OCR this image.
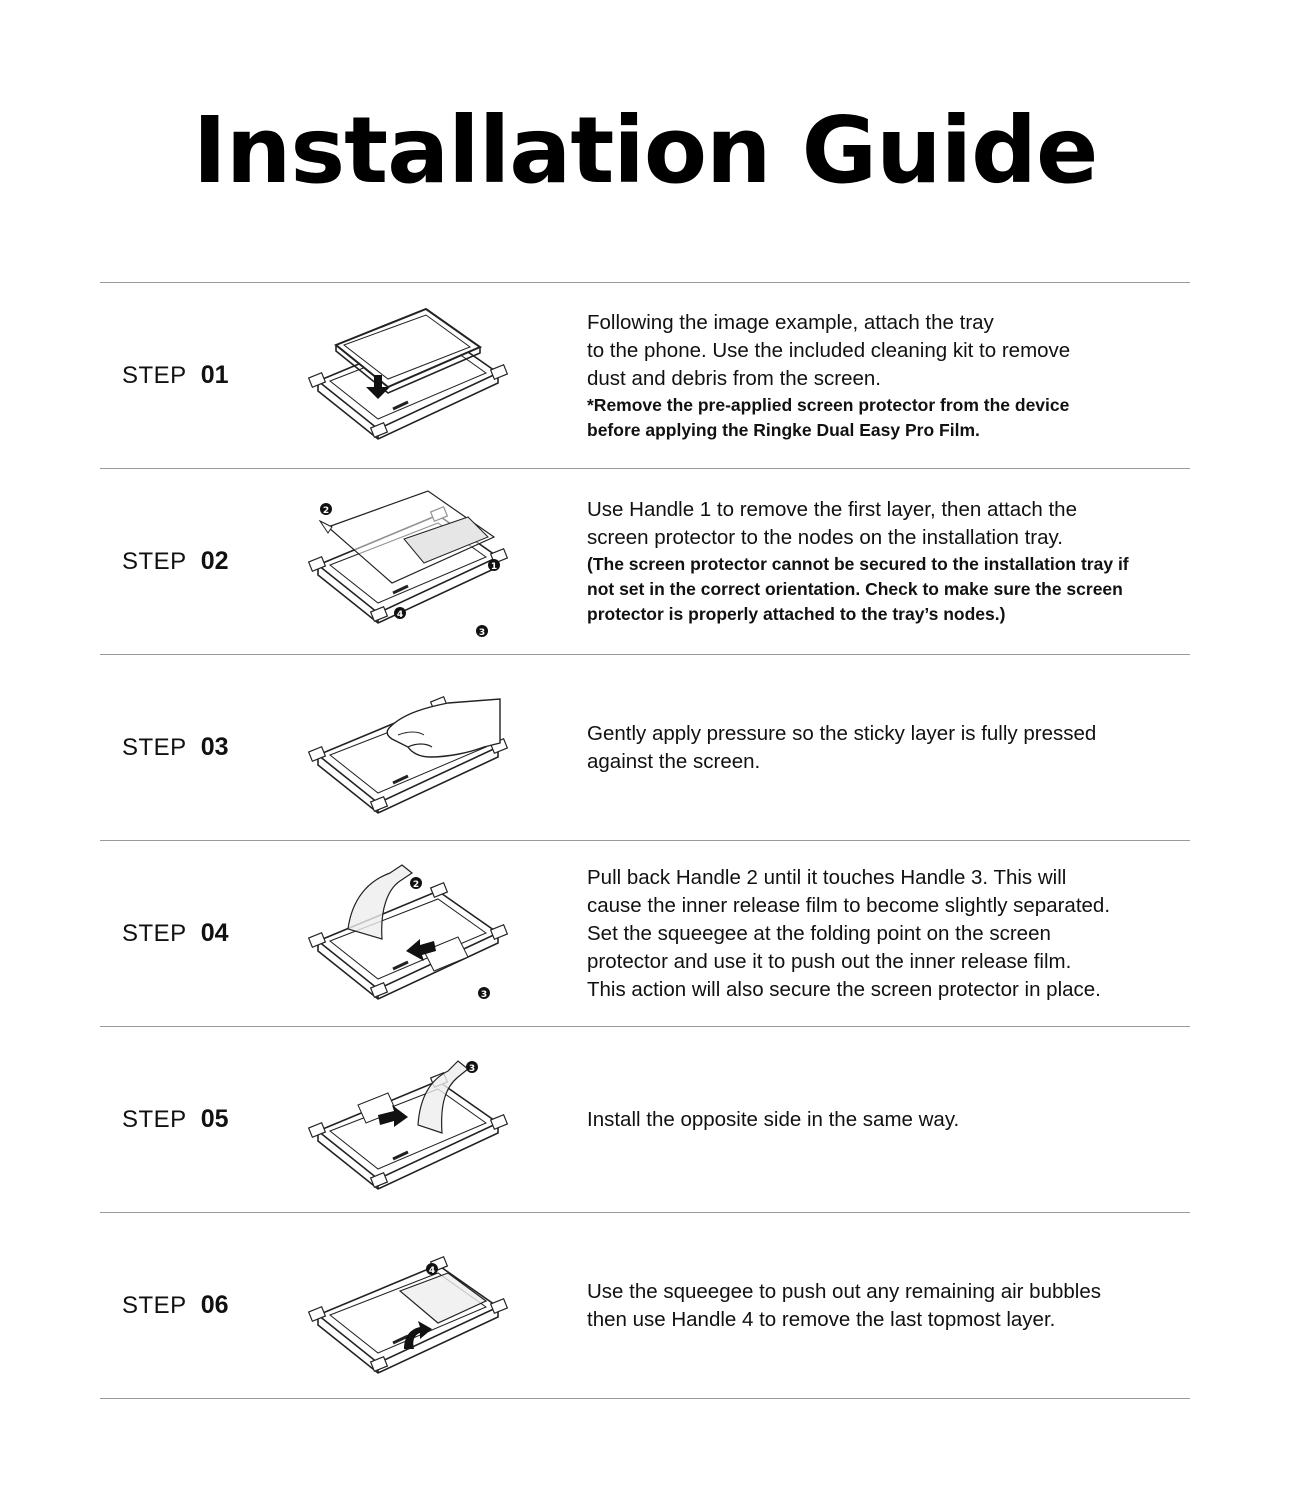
Installation Guide
STEP 01

Following the image example, attach the tray

to the phone. Use the included cleaning kit to remove

dust and debris from the screen.

*Remove the pre-applied screen protector from the device

before applying the Ringke Dual Easy Pro Film.

STEP 02
2
1
3
4

Use Handle 1 to remove the first layer, then attach the

screen protector to the nodes on the installation tray.

(The screen protector cannot be secured to the installation tray if

not set in the correct orientation. Check to make sure the screen

protector is properly attached to the tray’s nodes.)

STEP 03	Gently apply pressure so the sticky layer is fully pressed

against the screen.

STEP 04
2
3

Pull back Handle 2 until it touches Handle 3. This will

cause the inner release film to become slightly separated.

Set the squeegee at the folding point on the screen

protector and use it to push out the inner release film.

This action will also secure the screen protector in place.

STEP 05
3

Install the opposite side in the same way.

STEP 06
4

Use the squeegee to push out any remaining air bubbles

then use Handle 4 to remove the last topmost layer.
